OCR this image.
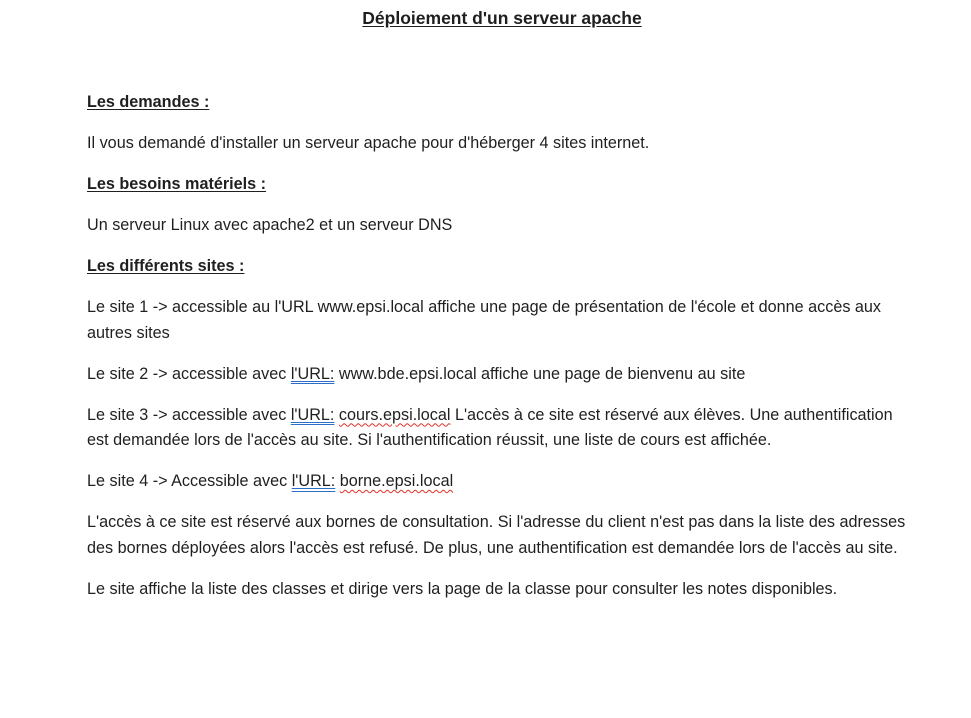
Déploiement d'un serveur apache

Les demandes :

Il vous demandé d'installer un serveur apache pour d'héberger 4 sites internet.

Les besoins matériels :

Un serveur Linux avec apache2 et un serveur DNS

Les différents sites :

Le site 1 -> accessible au l'URL www.epsi.local affiche une page de présentation de l'école et donne accès aux autres sites

Le site 2 -> accessible avec l'URL: www.bde.epsi.local affiche une page de bienvenu au site

Le site 3 -> accessible avec l'URL: cours.epsi.local L'accès à ce site est réservé aux élèves. Une authentification est demandée lors de l'accès au site. Si l'authentification réussit, une liste de cours est affichée.

Le site 4 -> Accessible avec l'URL: borne.epsi.local

L'accès à ce site est réservé aux bornes de consultation. Si l'adresse du client n'est pas dans la liste des adresses des bornes déployées alors l'accès est refusé. De plus, une authentification est demandée lors de l'accès au site.

Le site affiche la liste des classes et dirige vers la page de la classe pour consulter les notes disponibles.
